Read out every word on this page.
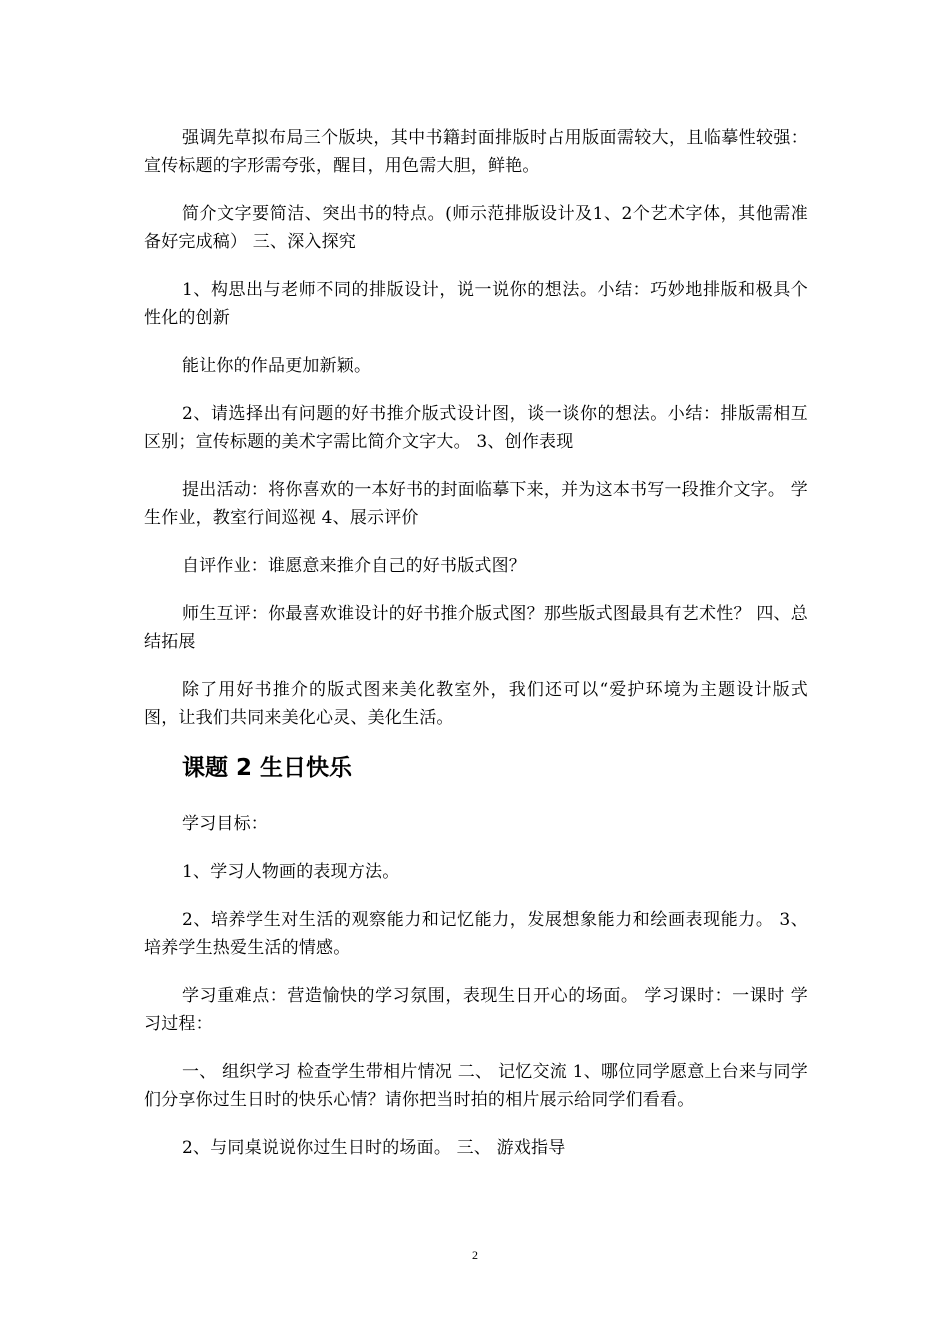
强调先草拟布局三个版块，其中书籍封面排版时占用版面需较大，且临摹性较强： 宣传标题的字形需夸张，醒目，用色需大胆，鲜艳。

简介文字要简洁、突出书的特点。(师示范排版设计及1、2个艺术字体，其他需准备好完成稿） 三、深入探究

1、构思出与老师不同的排版设计，说一说你的想法。小结：巧妙地排版和极具个性化的创新

能让你的作品更加新颖。

2、请选择出有问题的好书推介版式设计图，谈一谈你的想法。小结：排版需相互区别；宣传标题的美术字需比简介文字大。 3、创作表现

提出活动：将你喜欢的一本好书的封面临摹下来，并为这本书写一段推介文字。 学生作业，教室行间巡视 4、展示评价

自评作业：谁愿意来推介自己的好书版式图？

师生互评：你最喜欢谁设计的好书推介版式图？那些版式图最具有艺术性？ 四、总结拓展

除了用好书推介的版式图来美化教室外，我们还可以“爱护环境为主题设计版式图，让我们共同来美化心灵、美化生活。

课题 2 生日快乐

学习目标：

1、学习人物画的表现方法。

2、培养学生对生活的观察能力和记忆能力，发展想象能力和绘画表现能力。 3、培养学生热爱生活的情感。

学习重难点：营造愉快的学习氛围，表现生日开心的场面。 学习课时：一课时 学习过程：

一、 组织学习 检查学生带相片情况 二、 记忆交流 1、哪位同学愿意上台来与同学们分享你过生日时的快乐心情？请你把当时拍的相片展示给同学们看看。

2、与同桌说说你过生日时的场面。 三、 游戏指导

2
